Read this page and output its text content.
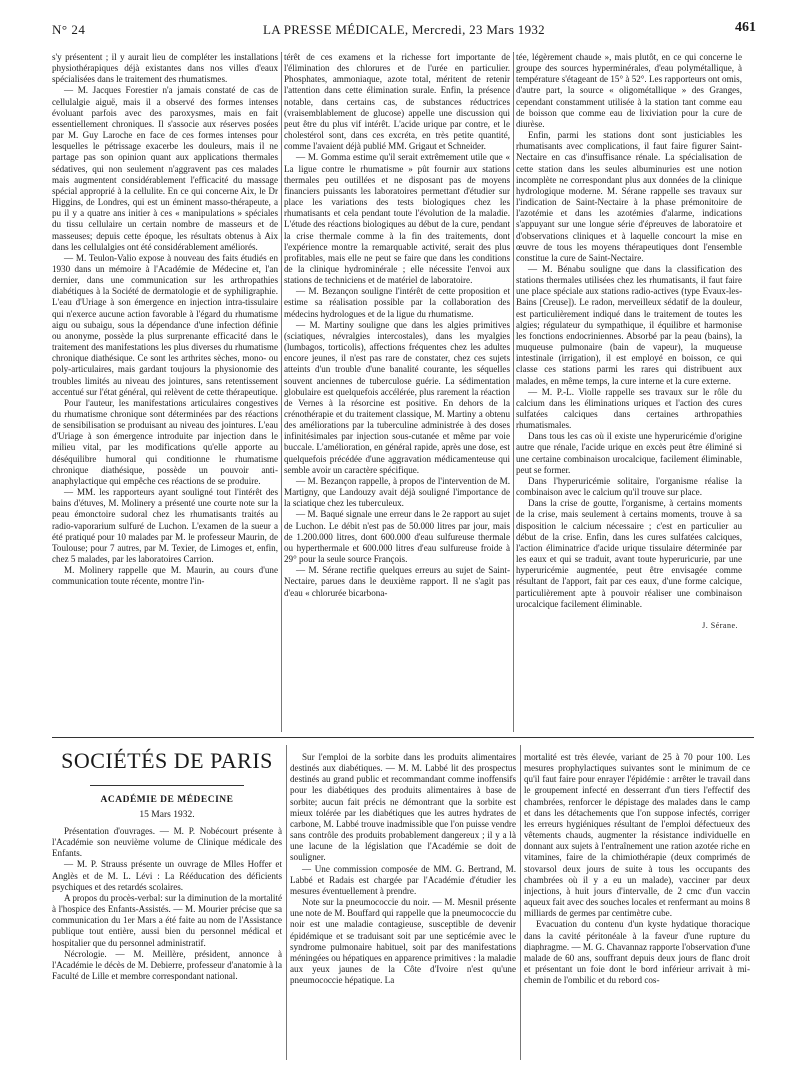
N° 24	LA PRESSE MÉDICALE, Mercredi, 23 Mars 1932	461

s'y présentent ; il y aurait lieu de compléter les installations physiothérapiques déjà existantes dans nos villes d'eaux spécialisées dans le traitement des rhumatismes.

— M. Jacques Forestier n'a jamais constaté de cas de cellulalgie aiguë, mais il a observé des formes intenses évoluant parfois avec des paroxysmes, mais en fait essentiellement chroniques. Il s'associe aux réserves posées par M. Guy Laroche en face de ces formes intenses pour lesquelles le pétrissage exacerbe les douleurs, mais il ne partage pas son opinion quant aux applications thermales sédatives, qui non seulement n'aggravent pas ces malades mais augmentent considérablement l'efficacité du massage spécial approprié à la cellulite. En ce qui concerne Aix, le Dr Higgins, de Londres, qui est un éminent masso-thérapeute, a pu il y a quatre ans initier à ces « manipulations » spéciales du tissu cellulaire un certain nombre de masseurs et de masseuses; depuis cette époque, les résultats obtenus à Aix dans les cellulalgies ont été considérablement améliorés.

— M. Teulon-Valio expose à nouveau des faits étudiés en 1930 dans un mémoire à l'Académie de Médecine et, l'an dernier, dans une communication sur les arthropathies diabétiques à la Société de dermatologie et de syphiligraphie. L'eau d'Uriage à son émergence en injection intra-tissulaire qui n'exerce aucune action favorable à l'égard du rhumatisme aigu ou subaigu, sous la dépendance d'une infection définie ou anonyme, possède la plus surprenante efficacité dans le traitement des manifestations les plus diverses du rhumatisme chronique diathésique. Ce sont les arthrites sèches, mono- ou poly-articulaires, mais gardant toujours la physionomie des troubles limités au niveau des jointures, sans retentissement accentué sur l'état général, qui relèvent de cette thérapeutique.

Pour l'auteur, les manifestations articulaires congestives du rhumatisme chronique sont déterminées par des réactions de sensibilisation se produisant au niveau des jointures. L'eau d'Uriage à son émergence introduite par injection dans le milieu vital, par les modifications qu'elle apporte au déséquilibre humoral qui conditionne le rhumatisme chronique diathésique, possède un pouvoir anti-anaphylactique qui empêche ces réactions de se produire.

— MM. les rapporteurs ayant souligné tout l'intérêt des bains d'étuves, M. Molinery a présenté une courte note sur la peau émonctoire sudoral chez les rhumatisants traités au radio-vaporarium sulfuré de Luchon. L'examen de la sueur a été pratiqué pour 10 malades par M. le professeur Maurin, de Toulouse; pour 7 autres, par M. Texier, de Limoges et, enfin, chez 5 malades, par les laboratoires Carrion.

M. Molinery rappelle que M. Maurin, au cours d'une communication toute récente, montre l'in-

térêt de ces examens et la richesse fort importante de l'élimination des chlorures et de l'urée en particulier. Phosphates, ammoniaque, azote total, méritent de retenir l'attention dans cette élimination surale. Enfin, la présence notable, dans certains cas, de substances réductrices (vraisemblablement de glucose) appelle une discussion qui peut être du plus vif intérêt. L'acide urique par contre, et le cholestérol sont, dans ces excréta, en très petite quantité, comme l'avaient déjà publié MM. Grigaut et Schneider.

— M. Gomma estime qu'il serait extrêmement utile que « La ligue contre le rhumatisme » pût fournir aux stations thermales peu outillées et ne disposant pas de moyens financiers puissants les laboratoires permettant d'étudier sur place les variations des tests biologiques chez les rhumatisants et cela pendant toute l'évolution de la maladie. L'étude des réactions biologiques au début de la cure, pendant la crise thermale comme à la fin des traitements, dont l'expérience montre la remarquable activité, serait des plus profitables, mais elle ne peut se faire que dans les conditions de la clinique hydrominérale ; elle nécessite l'envoi aux stations de techniciens et de matériel de laboratoire.

— M. Bezançon souligne l'intérêt de cette proposition et estime sa réalisation possible par la collaboration des médecins hydrologues et de la ligue du rhumatisme.

— M. Martiny souligne que dans les algies primitives (sciatiques, névralgies intercostales), dans les myalgies (lumbagos, torticolis), affections fréquentes chez les adultes encore jeunes, il n'est pas rare de constater, chez ces sujets atteints d'un trouble d'une banalité courante, les séquelles souvent anciennes de tuberculose guérie. La sédimentation globulaire est quelquefois accélérée, plus rarement la réaction de Vernes à la résorcine est positive. En dehors de la crénothérapie et du traitement classique, M. Martiny a obtenu des améliorations par la tuberculine administrée à des doses infinitésimales par injection sous-cutanée et même par voie buccale. L'amélioration, en général rapide, après une dose, est quelquefois précédée d'une aggravation médicamenteuse qui semble avoir un caractère spécifique.

— M. Bezançon rappelle, à propos de l'intervention de M. Martigny, que Landouzy avait déjà souligné l'importance de la sciatique chez les tuberculeux.

— M. Baqué signale une erreur dans le 2e rapport au sujet de Luchon. Le débit n'est pas de 50.000 litres par jour, mais de 1.200.000 litres, dont 600.000 d'eau sulfureuse thermale ou hyperthermale et 600.000 litres d'eau sulfureuse froide à 29° pour la seule source François.

— M. Sérane rectifie quelques erreurs au sujet de Saint-Nectaire, parues dans le deuxième rapport. Il ne s'agit pas d'eau « chlorurée bicarbona-

tée, légèrement chaude », mais plutôt, en ce qui concerne le groupe des sources hyperminérales, d'eau polymétallique, à température s'étageant de 15° à 52°. Les rapporteurs ont omis, d'autre part, la source « oligométallique » des Granges, cependant constamment utilisée à la station tant comme eau de boisson que comme eau de lixiviation pour la cure de diurèse.

Enfin, parmi les stations dont sont justiciables les rhumatisants avec complications, il faut faire figurer Saint-Nectaire en cas d'insuffisance rénale. La spécialisation de cette station dans les seules albuminuries est une notion incomplète ne correspondant plus aux données de la clinique hydrologique moderne. M. Sérane rappelle ses travaux sur l'indication de Saint-Nectaire à la phase prémonitoire de l'azotémie et dans les azotémies d'alarme, indications s'appuyant sur une longue série d'épreuves de laboratoire et d'observations cliniques et à laquelle concourt la mise en œuvre de tous les moyens thérapeutiques dont l'ensemble constitue la cure de Saint-Nectaire.

— M. Bénabu souligne que dans la classification des stations thermales utilisées chez les rhumatisants, il faut faire une place spéciale aux stations radio-actives (type Evaux-les-Bains [Creuse]). Le radon, merveilleux sédatif de la douleur, est particulièrement indiqué dans le traitement de toutes les algies; régulateur du sympathique, il équilibre et harmonise les fonctions endocriniennes. Absorbé par la peau (bains), la muqueuse pulmonaire (bain de vapeur), la muqueuse intestinale (irrigation), il est employé en boisson, ce qui classe ces stations parmi les rares qui distribuent aux malades, en même temps, la cure interne et la cure externe.

— M. P.-L. Violle rappelle ses travaux sur le rôle du calcium dans les éliminations uriques et l'action des cures sulfatées calciques dans certaines arthropathies rhumatismales.

Dans tous les cas où il existe une hyperuricémie d'origine autre que rénale, l'acide urique en excès peut être éliminé si une certaine combinaison urocalcique, facilement éliminable, peut se former.

Dans l'hyperuricémie solitaire, l'organisme réalise la combinaison avec le calcium qu'il trouve sur place.

Dans la crise de goutte, l'organisme, à certains moments de la crise, mais seulement à certains moments, trouve à sa disposition le calcium nécessaire ; c'est en particulier au début de la crise. Enfin, dans les cures sulfatées calciques, l'action éliminatrice d'acide urique tissulaire déterminée par les eaux et qui se traduit, avant toute hyperuricurie, par une hyperuricémie augmentée, peut être envisagée comme résultant de l'apport, fait par ces eaux, d'une forme calcique, particulièrement apte à pouvoir réaliser une combinaison urocalcique facilement éliminable.

J. Sérane.
SOCIÉTÉS DE PARIS
ACADÉMIE DE MÉDECINE
15 Mars 1932.

Présentation d'ouvrages. — M. P. Nobécourt présente à l'Académie son neuvième volume de Clinique médicale des Enfants.

— M. P. Strauss présente un ouvrage de Mlles Hoffer et Anglès et de M. L. Lévi : La Rééducation des déficients psychiques et des retardés scolaires.

A propos du procès-verbal: sur la diminution de la mortalité à l'hospice des Enfants-Assistés. — M. Mourier précise que sa communication du 1er Mars a été faite au nom de l'Assistance publique tout entière, aussi bien du personnel médical et hospitalier que du personnel administratif.

Nécrologie. — M. Meillère, président, annonce à l'Académie le décès de M. Debierre, professeur d'anatomie à la Faculté de Lille et membre correspondant national.

Sur l'emploi de la sorbite dans les produits alimentaires destinés aux diabétiques. — M. M. Labbé lit des prospectus destinés au grand public et recommandant comme inoffensifs pour les diabétiques des produits alimentaires à base de sorbite; aucun fait précis ne démontrant que la sorbite est mieux tolérée par les diabétiques que les autres hydrates de carbone, M. Labbé trouve inadmissible que l'on puisse vendre sans contrôle des produits probablement dangereux ; il y a là une lacune de la législation que l'Académie se doit de souligner.

— Une commission composée de MM. G. Bertrand, M. Labbé et Radais est chargée par l'Académie d'étudier les mesures éventuellement à prendre.

Note sur la pneumococcie du noir. — M. Mesnil présente une note de M. Bouffard qui rappelle que la pneumococcie du noir est une maladie contagieuse, susceptible de devenir épidémique et se traduisant soit par une septicémie avec le syndrome pulmonaire habituel, soit par des manifestations méningées ou hépatiques en apparence primitives : la maladie aux yeux jaunes de la Côte d'Ivoire n'est qu'une pneumococcie hépatique. La

mortalité est très élevée, variant de 25 à 70 pour 100. Les mesures prophylactiques suivantes sont le minimum de ce qu'il faut faire pour enrayer l'épidémie : arrêter le travail dans le groupement infecté en desserrant d'un tiers l'effectif des chambrées, renforcer le dépistage des malades dans le camp et dans les détachements que l'on suppose infectés, corriger les erreurs hygiéniques résultant de l'emploi défectueux des vêtements chauds, augmenter la résistance individuelle en donnant aux sujets à l'entraînement une ration azotée riche en vitamines, faire de la chimiothérapie (deux comprimés de stovarsol deux jours de suite à tous les occupants des chambrées où il y a eu un malade), vacciner par deux injections, à huit jours d'intervalle, de 2 cmc d'un vaccin aqueux fait avec des souches locales et renfermant au moins 8 milliards de germes par centimètre cube.

Evacuation du contenu d'un kyste hydatique thoracique dans la cavité péritonéale à la faveur d'une rupture du diaphragme. — M. G. Chavannaz rapporte l'observation d'une malade de 60 ans, souffrant depuis deux jours de flanc droit et présentant un foie dont le bord inférieur arrivait à mi-chemin de l'ombilic et du rebord cos-
